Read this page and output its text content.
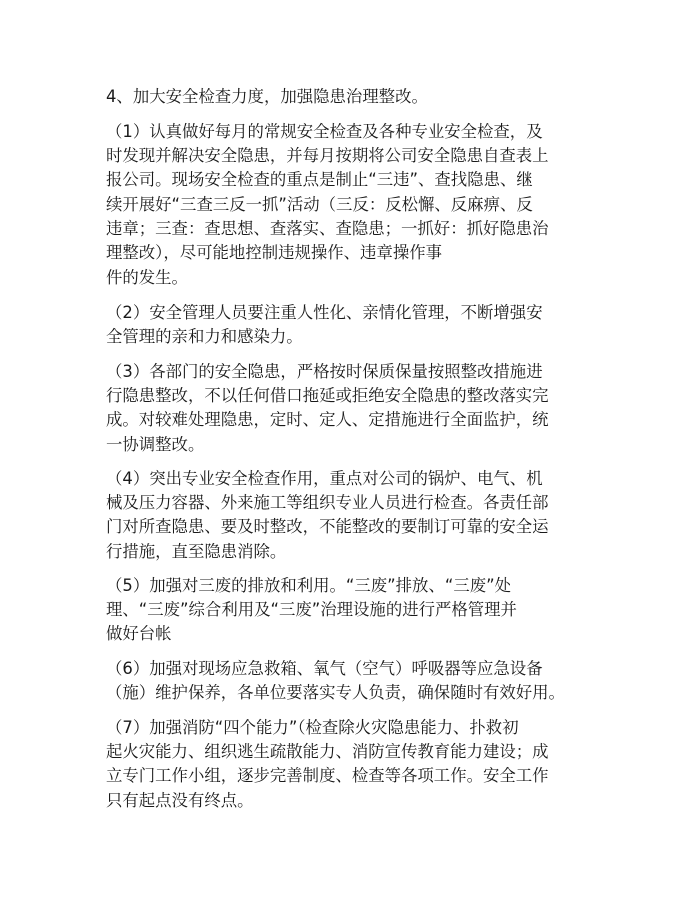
4、加大安全检查力度，加强隐患治理整改。
（1）认真做好每月的常规安全检查及各种专业安全检查，及
时发现并解决安全隐患，并每月按期将公司安全隐患自查表上
报公司。现场安全检查的重点是制止“三违”、查找隐患、继
续开展好“三查三反一抓”活动（三反：反松懈、反麻痹、反
违章；三查：查思想、查落实、查隐患；一抓好：抓好隐患治
理整改），尽可能地控制违规操作、违章操作事
件的发生。
（2）安全管理人员要注重人性化、亲情化管理，不断增强安
全管理的亲和力和感染力。
（3）各部门的安全隐患，严格按时保质保量按照整改措施进
行隐患整改，不以任何借口拖延或拒绝安全隐患的整改落实完
成。对较难处理隐患，定时、定人、定措施进行全面监护，统
一协调整改。
（4）突出专业安全检查作用，重点对公司的锅炉、电气、机
械及压力容器、外来施工等组织专业人员进行检查。各责任部
门对所查隐患、要及时整改，不能整改的要制订可靠的安全运
行措施，直至隐患消除。
（5）加强对三废的排放和利用。“三废”排放、“三废”处
理、“三废”综合利用及“三废”治理设施的进行严格管理并
做好台帐
（6）加强对现场应急救箱、氧气（空气）呼吸器等应急设备
（施）维护保养，各单位要落实专人负责，确保随时有效好用。
（7）加强消防“四个能力”（检查除火灾隐患能力、扑救初
起火灾能力、组织逃生疏散能力、消防宣传教育能力建设；成
立专门工作小组，逐步完善制度、检查等各项工作。安全工作
只有起点没有终点。
